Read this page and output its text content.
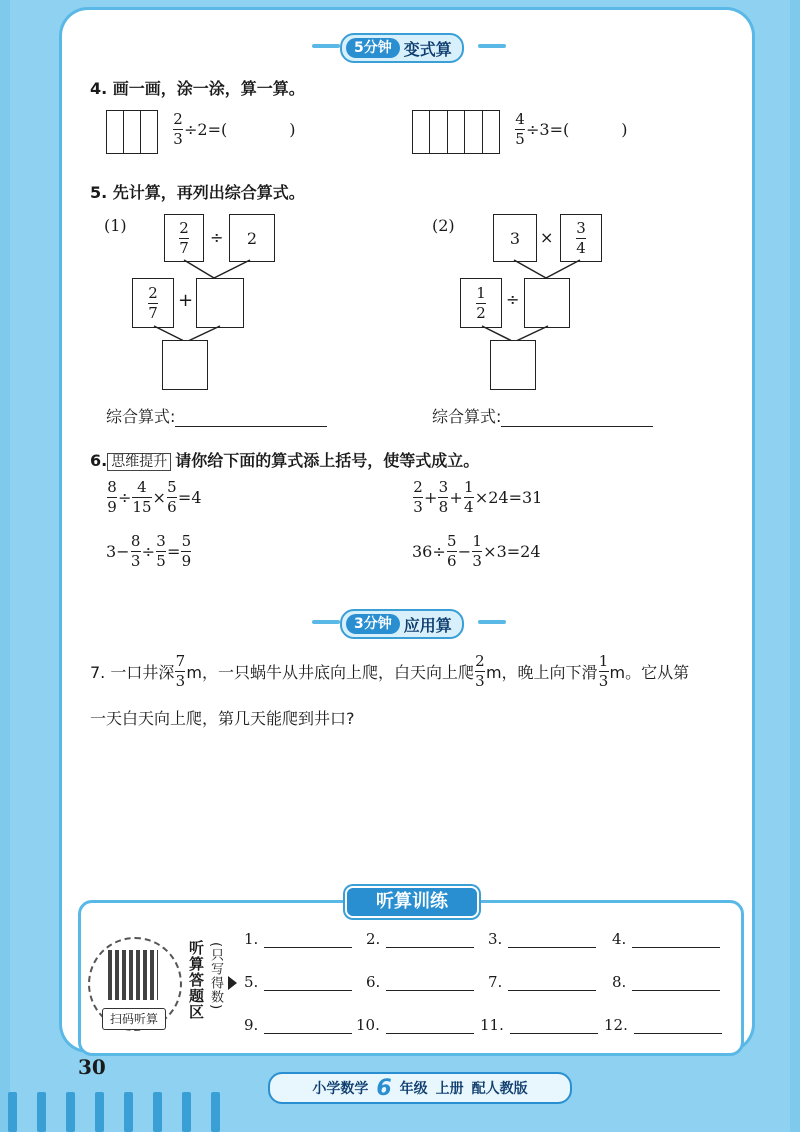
5分钟 变式算
4. 画一画，涂一涂，算一算。
$\frac{2}{3} \div 2=$(	)	$\frac{4}{5} \div 3=$(	)
5. 先计算，再列出综合算式。
(1)	$\frac{2}{7}$ ÷	2
$\frac{2}{7}$ +
(2)
3	× $\frac{3}{4}$
$\frac{1}{2}$ ÷
综合算式:	综合算式:
6. 思维提升 请你给下面的算式添上括号，使等式成立。
$\frac{8}{9} \div \frac{4}{15} \times \frac{5}{6} =4$	$\frac{2}{3} + \frac{3}{8} + \frac{1}{4} \times 24=31$
$3- \frac{8}{3} \div \frac{3}{5} = \frac{5}{9}$	$36\div \frac{5}{6} - \frac{1}{3} \times 3=24$
3分钟 应用算
7. 一口井深 $\frac{7}{3}$ m，一只蜗牛从井底向上爬，白天向上爬 $\frac{2}{3}$ m，晚上向下滑 $\frac{1}{3}$ m。它从第
一天白天向上爬，第几天能爬到井口?
听算训练
扫码听算	听算答题区 (只写得数)
1.	2.	3.	4.
5.	6.	7.	8.
9.	10.	11.	12.
30
小学数学 6 年级 上册 配人教版
